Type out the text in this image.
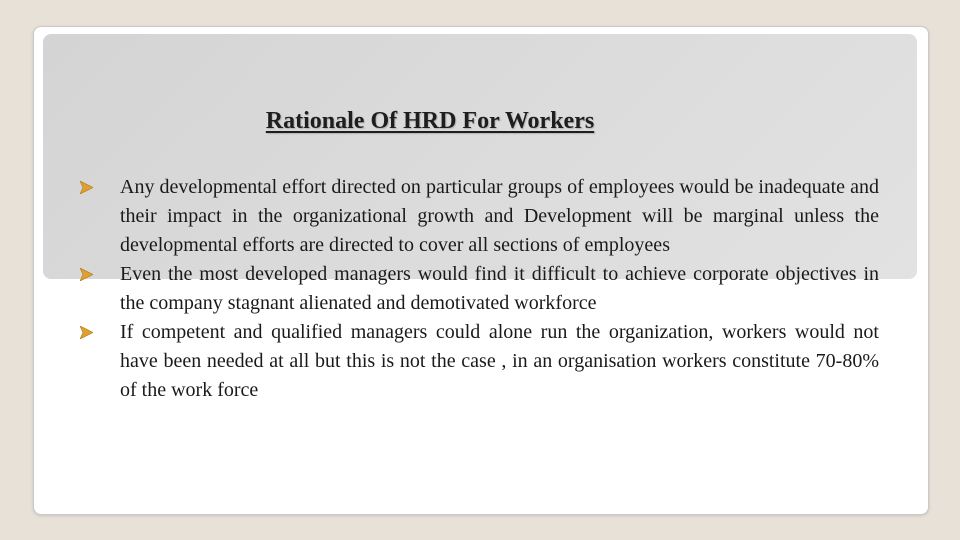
Rationale Of HRD For Workers
Any developmental effort directed on particular groups of employees would be inadequate and their impact in the organizational growth and Development will be marginal unless the developmental efforts are directed to cover all sections of employees
Even the most developed managers would find it difficult to achieve corporate objectives in the company stagnant alienated and demotivated workforce
If competent and qualified managers could alone run the organization, workers would not have been needed at all but this is not the case , in an organisation workers constitute 70-80% of the work force
